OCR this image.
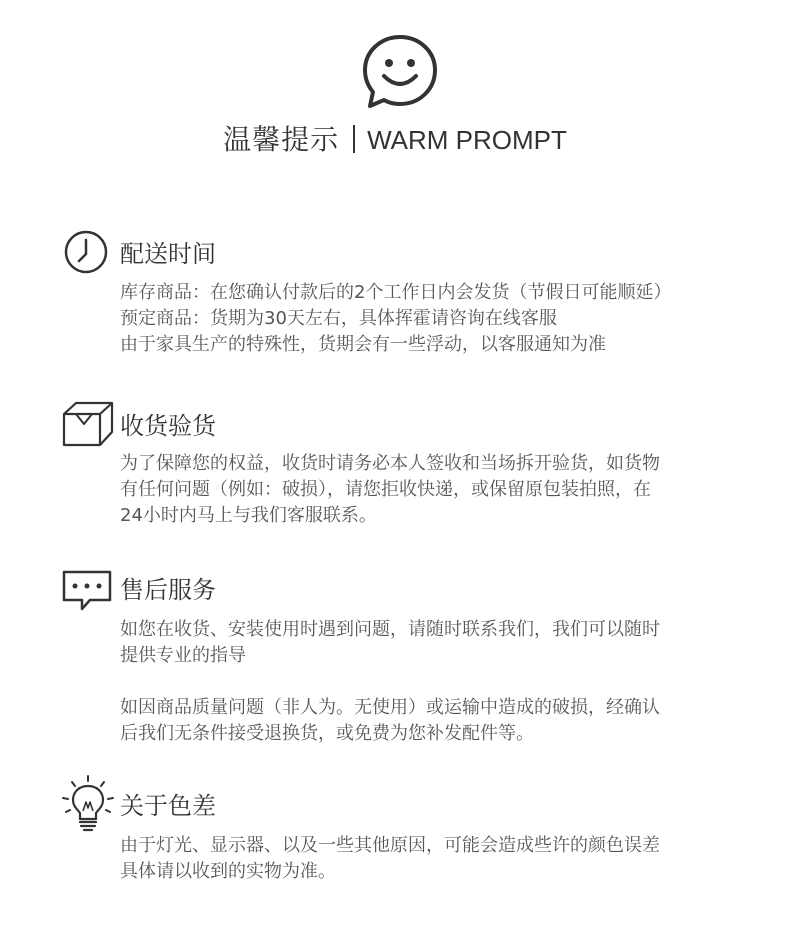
温馨提示 WARM PROMPT
配送时间

库存商品：在您确认付款后的2个工作日内会发货（节假日可能顺延）

预定商品：货期为30天左右，具体挥霍请咨询在线客服

由于家具生产的特殊性，货期会有一些浮动，以客服通知为准

收货验货

为了保障您的权益，收货时请务必本人签收和当场拆开验货，如货物

有任何问题（例如：破损），请您拒收快递，或保留原包装拍照，在

24小时内马上与我们客服联系。

售后服务

如您在收货、安装使用时遇到问题，请随时联系我们，我们可以随时

提供专业的指导

如因商品质量问题（非人为。无使用）或运输中造成的破损，经确认

后我们无条件接受退换货，或免费为您补发配件等。

关于色差

由于灯光、显示器、以及一些其他原因，可能会造成些许的颜色误差

具体请以收到的实物为准。
